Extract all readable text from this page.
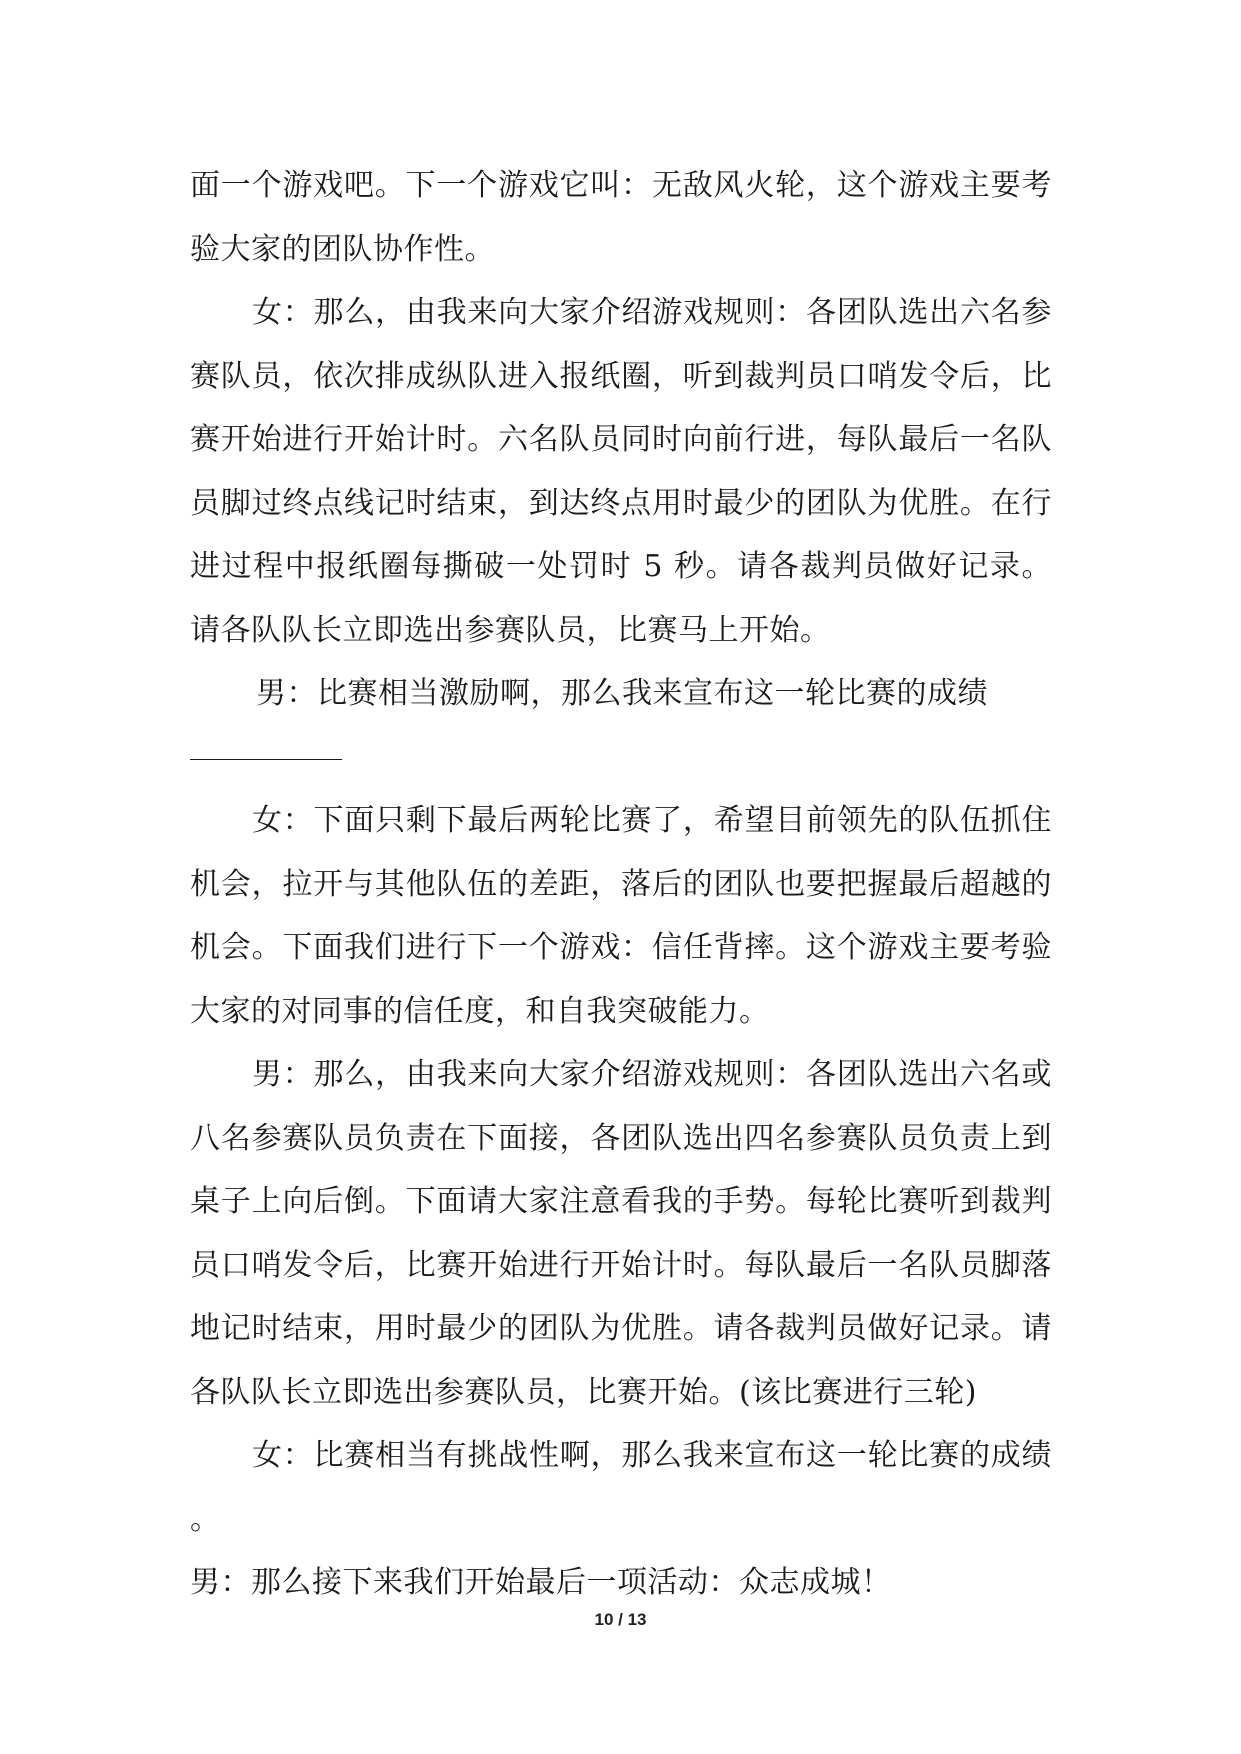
面一个游戏吧。下一个游戏它叫：无敌风火轮，这个游戏主要考验大家的团队协作性。

女：那么，由我来向大家介绍游戏规则：各团队选出六名参赛队员，依次排成纵队进入报纸圈，听到裁判员口哨发令后，比赛开始进行开始计时。六名队员同时向前行进，每队最后一名队员脚过终点线记时结束，到达终点用时最少的团队为优胜。在行进过程中报纸圈每撕破一处罚时 5 秒。请各裁判员做好记录。请各队队长立即选出参赛队员，比赛马上开始。

男：比赛相当激励啊，那么我来宣布这一轮比赛的成绩

女：下面只剩下最后两轮比赛了，希望目前领先的队伍抓住机会，拉开与其他队伍的差距，落后的团队也要把握最后超越的机会。下面我们进行下一个游戏：信任背摔。这个游戏主要考验大家的对同事的信任度，和自我突破能力。

男：那么，由我来向大家介绍游戏规则：各团队选出六名或八名参赛队员负责在下面接，各团队选出四名参赛队员负责上到桌子上向后倒。下面请大家注意看我的手势。每轮比赛听到裁判员口哨发令后，比赛开始进行开始计时。每队最后一名队员脚落地记时结束，用时最少的团队为优胜。请各裁判员做好记录。请各队队长立即选出参赛队员，比赛开始。(该比赛进行三轮)

女：比赛相当有挑战性啊，那么我来宣布这一轮比赛的成绩。

男：那么接下来我们开始最后一项活动：众志成城！

10 / 13
